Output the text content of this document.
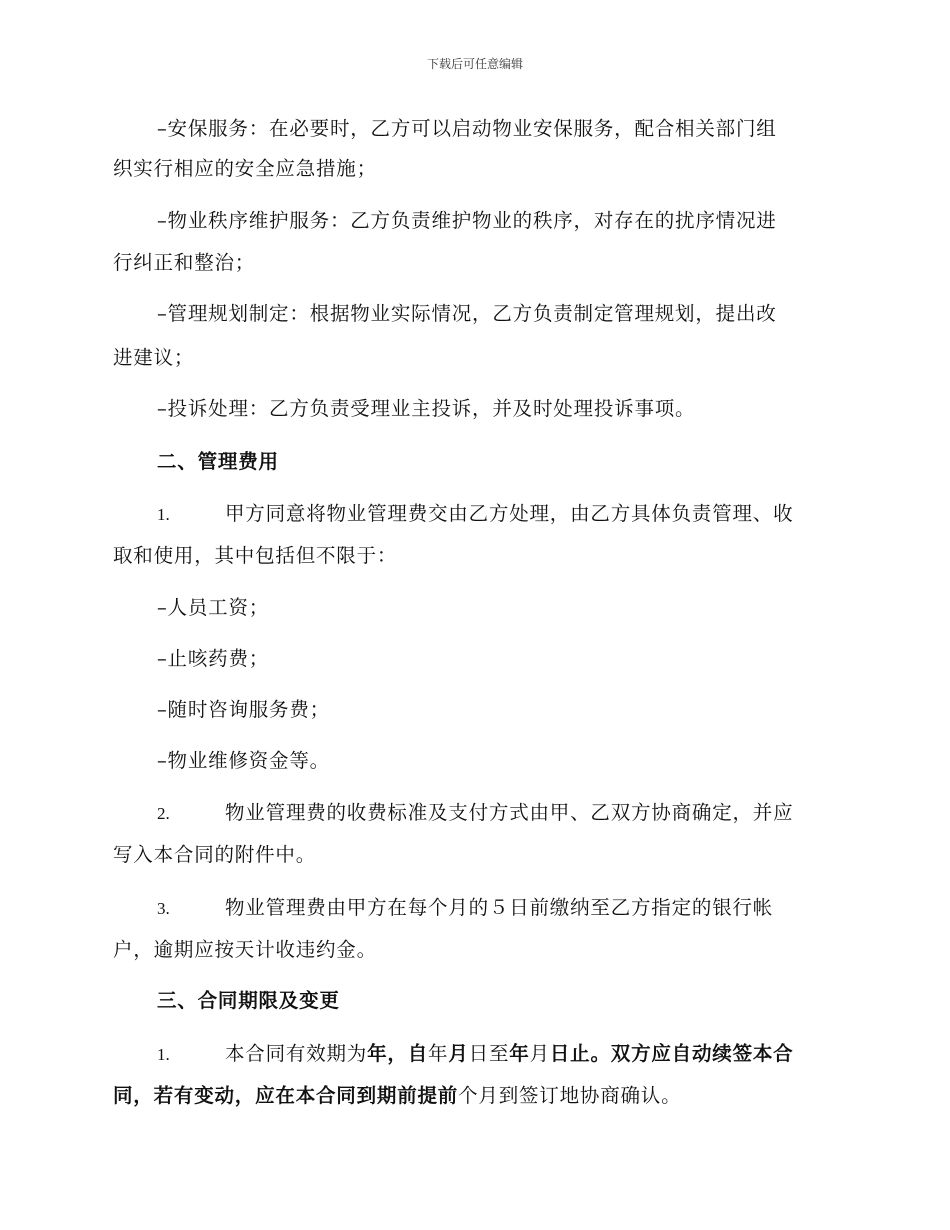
下载后可任意编辑
–安保服务：在必要时，乙方可以启动物业安保服务，配合相关部门组
织实行相应的安全应急措施；
–物业秩序维护服务：乙方负责维护物业的秩序，对存在的扰序情况进
行纠正和整治；
–管理规划制定：根据物业实际情况，乙方负责制定管理规划，提出改
进建议；
–投诉处理：乙方负责受理业主投诉，并及时处理投诉事项。
二、管理费用
1.	甲方同意将物业管理费交由乙方处理，由乙方具体负责管理、收
取和使用，其中包括但不限于：
–人员工资；
–止咳药费；
–随时咨询服务费；
–物业维修资金等。
2.	物业管理费的收费标准及支付方式由甲、乙双方协商确定，并应
写入本合同的附件中。
3.	物业管理费由甲方在每个月的５日前缴纳至乙方指定的银行帐
户，逾期应按天计收违约金。
三、合同期限及变更
1.	本合同有效期为年，自年月日至年月日止。双方应自动续签本合
同，若有变动，应在本合同到期前提前个月到签订地协商确认。
